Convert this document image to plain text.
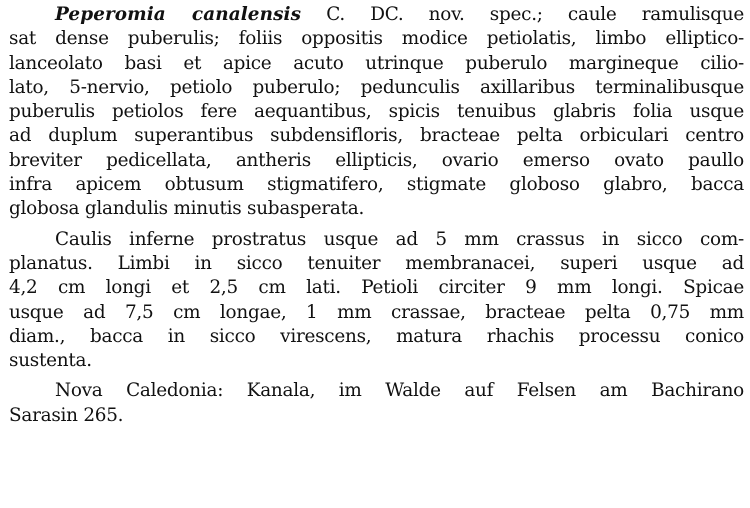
Peperomia canalensis C. DC. nov. spec.; caule ramulisque
sat dense puberulis; foliis oppositis modice petiolatis, limbo elliptico-
lanceolato basi et apice acuto utrinque puberulo margineque cilio-
lato, 5-nervio, petiolo puberulo; pedunculis axillaribus terminalibusque
puberulis petiolos fere aequantibus, spicis tenuibus glabris folia usque
ad duplum superantibus subdensifloris, bracteae pelta orbiculari centro
breviter pedicellata, antheris ellipticis, ovario emerso ovato paullo
infra apicem obtusum stigmatifero, stigmate globoso glabro, bacca
globosa glandulis minutis subasperata.
Caulis inferne prostratus usque ad 5 mm crassus in sicco com-
planatus. Limbi in sicco tenuiter membranacei, superi usque ad
4,2 cm longi et 2,5 cm lati. Petioli circiter 9 mm longi. Spicae
usque ad 7,5 cm longae, 1 mm crassae, bracteae pelta 0,75 mm
diam., bacca in sicco virescens, matura rhachis processu conico
sustenta.
Nova Caledonia: Kanala, im Walde auf Felsen am Bachirano
Sarasin 265.
